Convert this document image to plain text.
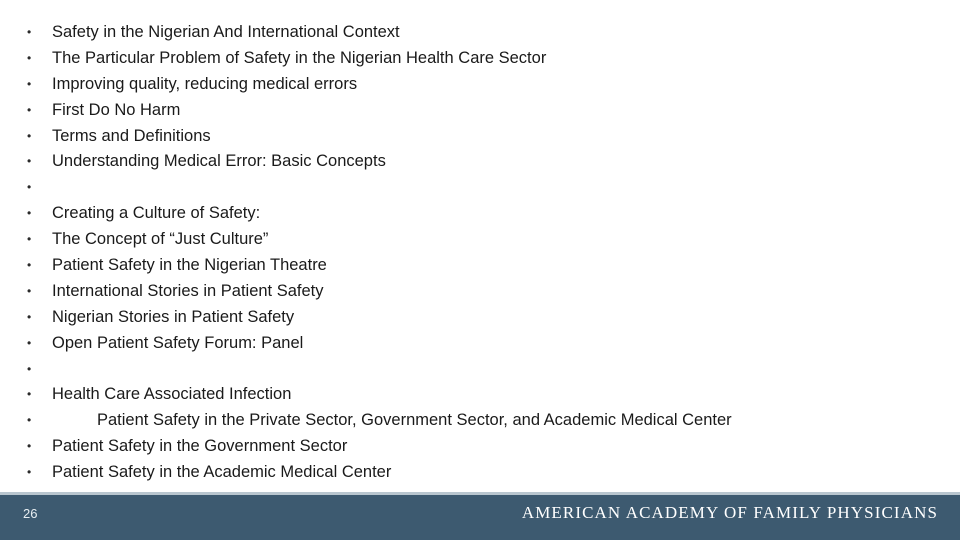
• Safety in the Nigerian And International Context
• The Particular Problem of Safety in the Nigerian Health Care Sector
• Improving quality, reducing medical errors
• First Do No Harm
• Terms and Definitions
• Understanding Medical Error: Basic Concepts
•
• Creating a Culture of Safety:
• The Concept of “Just Culture”
• Patient Safety in the Nigerian Theatre
• International Stories in Patient Safety
• Nigerian Stories in Patient Safety
• Open Patient Safety Forum: Panel
•
• Health Care Associated Infection
•	Patient Safety in the Private Sector, Government Sector, and Academic Medical Center
• Patient Safety in the Government Sector
• Patient Safety in the Academic Medical Center
26	AMERICAN ACADEMY OF FAMILY PHYSICIANS
